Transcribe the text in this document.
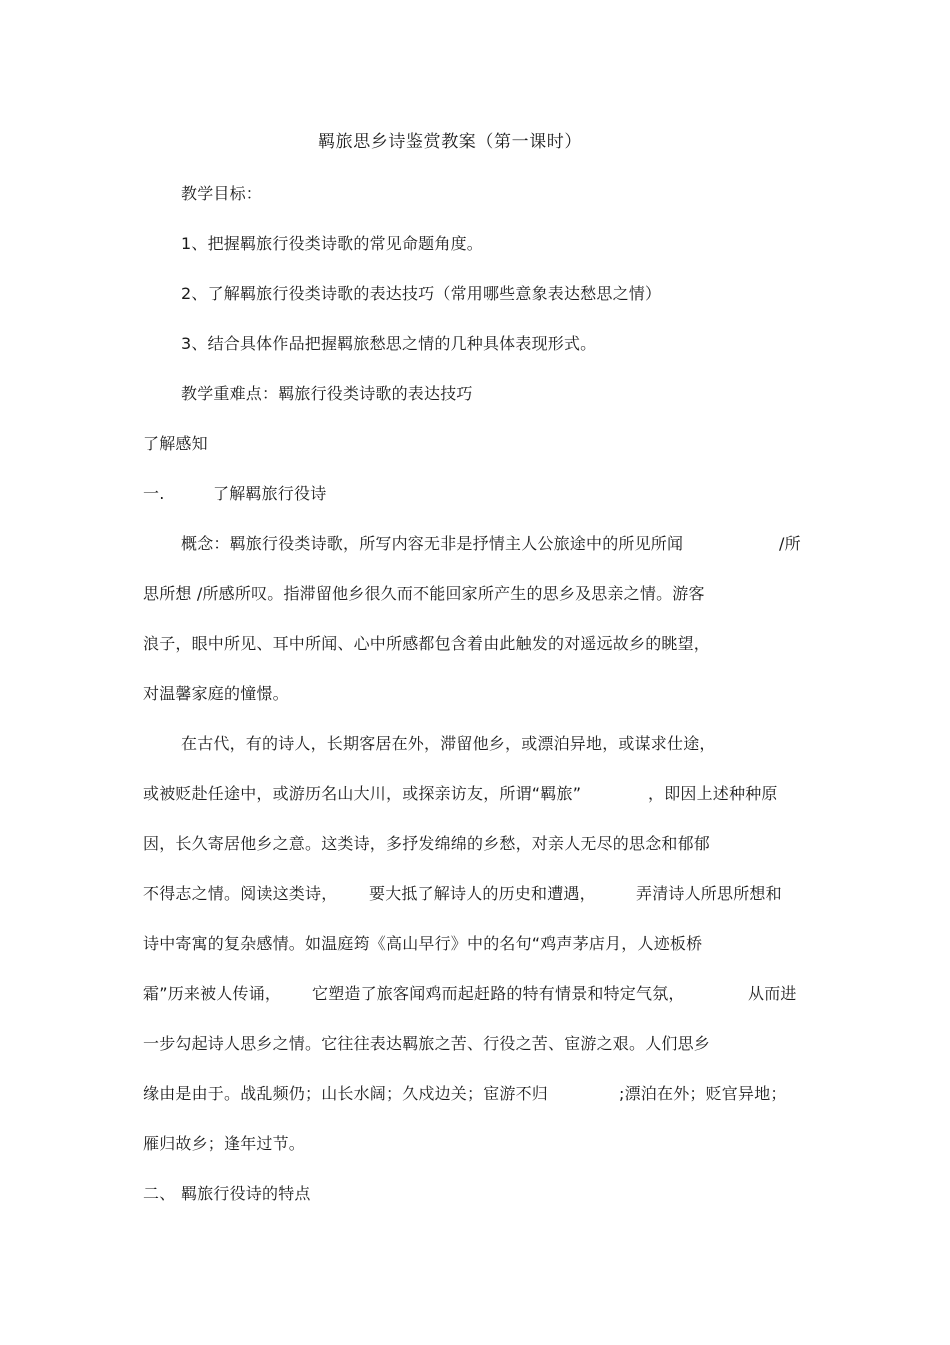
羁旅思乡诗鉴赏教案（第一课时）
教学目标：
1、把握羁旅行役类诗歌的常见命题角度。
2、了解羁旅行役类诗歌的表达技巧（常用哪些意象表达愁思之情）
3、结合具体作品把握羁旅愁思之情的几种具体表现形式。
教学重难点：羁旅行役类诗歌的表达技巧
了解感知
一.	了解羁旅行役诗
概念：羁旅行役类诗歌，所写内容无非是抒情主人公旅途中的所见所闻	/所
思所想 /所感所叹。指滞留他乡很久而不能回家所产生的思乡及思亲之情。游客
浪子，眼中所见、耳中所闻、心中所感都包含着由此触发的对遥远故乡的眺望，
对温馨家庭的憧憬。
在古代，有的诗人，长期客居在外，滞留他乡，或漂泊异地，或谋求仕途，
或被贬赴任途中，或游历名山大川，或探亲访友，所谓“羁旅”	，即因上述种种原
因，长久寄居他乡之意。这类诗，多抒发绵绵的乡愁，对亲人无尽的思念和郁郁
不得志之情。阅读这类诗， 要大抵了解诗人的历史和遭遇，	弄清诗人所思所想和
诗中寄寓的复杂感情。如温庭筠《高山早行》中的名句“鸡声茅店月，人迹板桥
霜”历来被人传诵， 它塑造了旅客闻鸡而起赶路的特有情景和特定气氛，	从而进
一步勾起诗人思乡之情。它往往表达羁旅之苦、行役之苦、宦游之艰。人们思乡
缘由是由于。战乱频仍；山长水阔；久戍边关；宦游不归	;漂泊在外；贬官异地；
雁归故乡；逢年过节。
二、 羁旅行役诗的特点
